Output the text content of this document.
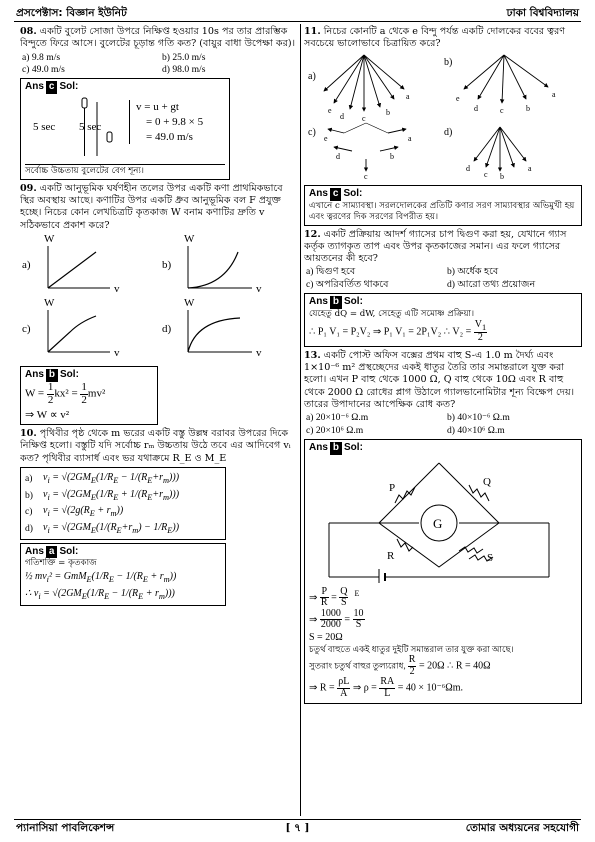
প্রসপেক্টাস: বিজ্ঞান ইউনিট	ঢাকা বিশ্ববিদ্যালয়
08. একটি বুলেট সোজা উপরে নিক্ষিপ্ত হওয়ার 10s পর তার প্রারম্ভিক বিন্দুতে ফিরে আসে। বুলেটের চূড়ান্ত গতি কত? (বায়ুর বাধা উপেক্ষা কর)।
a) 9.8 m/s	b) 25.0 m/s
c) 49.0 m/s	d) 98.0 m/s
Ans c Sol:
5 sec 5 sec
v = u + gt
= 0 + 9.8 × 5
= 49.0 m/s
সর্বোচ্চ উচ্চতায় বুলেটের বেগ শূন্য।
09. একটি আনুভূমিক ঘর্ষণহীন তলের উপর একটি কণা প্রাথমিকভাবে স্থির অবস্থায় আছে। কণাটির উপর একটি ধ্রুব আনুভূমিক বল F প্রযুক্ত হচ্ছে। নিচের কোন লেখচিত্রটি কৃতকাজ W বনাম কণাটির দ্রুতি v সঠিকভাবে প্রকাশ করে?
a)
W
v
b)
W
v
c)
W
v
d)
W
v
Ans b Sol:
$W = \frac{1}{2} kx^2 = \frac{1}{2} mv^2$
⇒ W ∝ v²
10. পৃথিবীর পৃষ্ঠ থেকে m ভরের একটি বস্তু উল্লম্ব বরাবর উপরের দিকে নিক্ষিপ্ত হলো। বস্তুটি যদি সর্বোচ্চ rₘ উচ্চতায় উঠে তবে এর আদিবেগ vᵢ কত? পৃথিবীর ব্যাসার্ধ এবং ভর যথাক্রমে R_E ও M_E
a)	$v_i = √(2GM_E(1/R_E - 1/(R_E+r_m)))$
b)	$v_i = √(2GM_E(1/R_E + 1/(R_E+r_m)))$
c)	$v_i = √(2g(R_E + r_m))$
d)	$v_i = √(2GM_E(1/(R_E+r_m) - 1/R_E))$
Ans a Sol:
গতিশক্তি = কৃতকাজ
½ $mv_i^2 = GmM_E(1/R_E - 1/(R_E + r_m))$
∴ $v_i = √(2GM_E(1/R_E - 1/(R_E + r_m)))$
11. নিচের কোনটি a থেকে e বিন্দু পর্যন্ত একটি দোলকের ববের ত্বরণ সবচেয়ে ভালোভাবে চিত্রায়িত করে?
a)
e
d c
b
a
b)
e
d	c	b
a
c)
e
d
c
b
a
d)
d
c b
a
Ans c Sol:
এখানে c সাম্যাবস্থা। সরলদোলকের প্রতিটি কণার সরণ সাম্যাবস্থার অভিমুখী হয় এবং ত্বরণের দিক সরণের বিপরীত হয়।
12. একটি প্রক্রিয়ায় আদর্শ গ্যাসের চাপ দ্বিগুণ করা হয়, যেখানে গ্যাস কর্তৃক ত্যাগকৃত তাপ এবং উপর কৃতকাজের সমান। এর ফলে গ্যাসের আয়তনের কী হবে?
a) দ্বিগুণ হবে	b) অর্ধেক হবে
c) অপরিবর্তিত থাকবে	d) আরো তথ্য প্রয়োজন
Ans b Sol:
যেহেতু dQ = dW, সেহেতু এটি সমোষ্ণ প্রক্রিয়া।
∴ P₁ V₁ = P₂V₂ ⇒ P₁ V₁ = 2P₁V₂ ∴ $V_2 = \frac{V_1}{2}$
13. একটি পোস্ট অফিস বক্সের প্রথম বাহু S-এ 1.0 m দৈর্ঘ্য এবং 1×10⁻⁶ m² প্রস্থচ্ছেদের একই ধাতুর তৈরি তার সমান্তরালে যুক্ত করা হলো। এখন P বাহু থেকে 1000 Ω, Q বাহু থেকে 10Ω এবং R বাহু থেকে 2000 Ω রোধের প্লাগ উঠালে গ্যালভানোমিটার শূন্য বিক্ষেপ দেয়। তারের উপাদানের আপেক্ষিক রোধ কত?
a) 20×10⁻⁶ Ω.m	b) 40×10⁻⁶ Ω.m
c) 20×10⁶ Ω.m	d) 40×10⁶ Ω.m
Ans b Sol:
G
P	Q
R	S
⇒ $\frac{P}{R} = \frac{Q}{S} ^E$
⇒ $\frac{1000}{2000} = \frac{10}{S}$
S = 20Ω
চতুর্থ বাহুতে একই ধাতুর দুইটি সমান্তরাল তার যুক্ত করা আছে।
সুতরাং চতুর্থ বাহুর তুল্যরোধ, $\frac{R}{2} = 20\Omega$ ∴ R = 40Ω
⇒ $R = \frac{\rho L}{A}$ ⇒ $\rho = \frac{RA}{L} = 40 \times 10^{-6}\Omega m$.
প্যানাসিয়া পাবলিকেশন্স	[ ৭ ]	তোমার অধ্যয়নের সহযোগী
